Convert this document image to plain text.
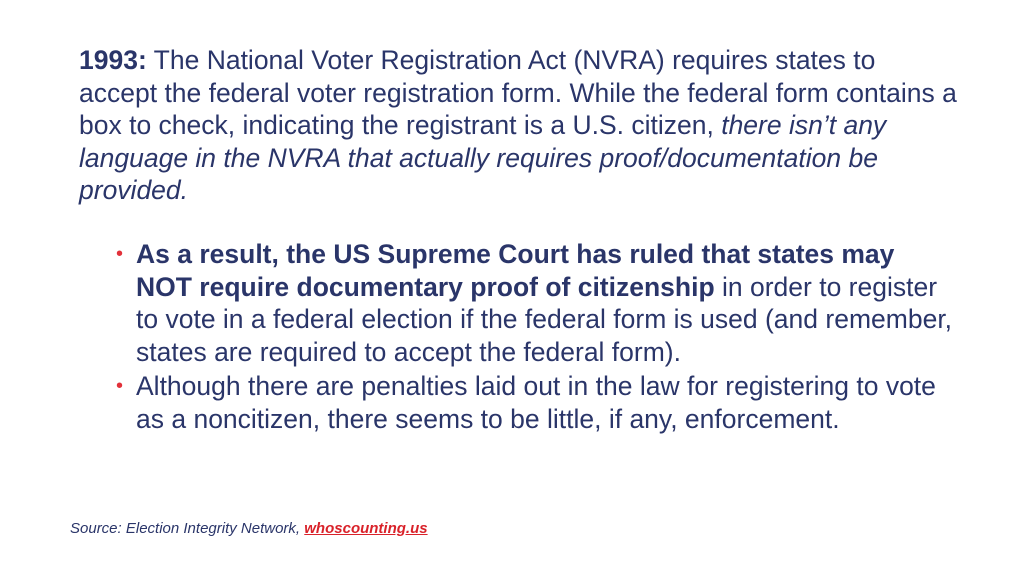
1993: The National Voter Registration Act (NVRA) requires states to accept the federal voter registration form. While the federal form contains a box to check, indicating the registrant is a U.S. citizen, there isn’t any language in the NVRA that actually requires proof/documentation be provided.

• As a result, the US Supreme Court has ruled that states may NOT require documentary proof of citizenship in order to register to vote in a federal election if the federal form is used (and remember, states are required to accept the federal form).
• Although there are penalties laid out in the law for registering to vote as a noncitizen, there seems to be little, if any, enforcement.
Source: Election Integrity Network, whoscounting.us
